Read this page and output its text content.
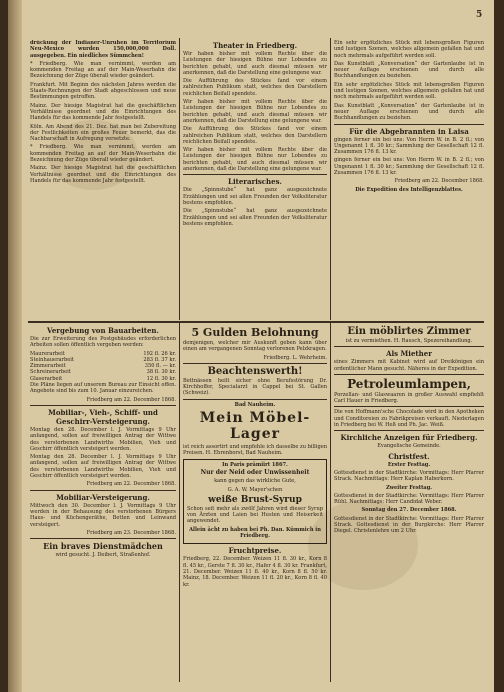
5

drückung der Indianer-Unruhen im Territorium Neu-Mexico wurden 150,000,000 Doll. ausgegeben. Ein niedliches Sümmchen!

* Friedberg. Wie man vernimmt, werden am kommenden Freitag an auf der Main-Weserbahn die Bezeichnung der Züge überall wieder geändert.

Frankfurt. Mit Beginn des nächsten Jahres werden die Staats-Rechnungen der Stadt abgeschlossen und neue Bestimmungen getroffen.

Mainz. Der hiesige Magistrat hat die geschäftlichen Verhältnisse geordnet und die Einrichtungen des Handels für das kommende Jahr festgestellt.

Köln. Am Abend des 21. Dez. hat man bei Zubereitung der Festlichkeiten ein großes Feuer bemerkt, das die Nachbarschaft in Aufregung versetzte.

* Friedberg. Wie man vernimmt, werden am kommenden Freitag an auf der Main-Weserbahn die Bezeichnung der Züge überall wieder geändert.

Mainz. Der hiesige Magistrat hat die geschäftlichen Verhältnisse geordnet und die Einrichtungen des Handels für das kommende Jahr festgestellt.

Theater in Friedberg.

Wir haben bisher mit vollem Rechte über die Leistungen der hiesigen Bühne nur Lobendes zu berichten gehabt, und auch diesmal müssen wir anerkennen, daß die Darstellung eine gelungene war.

Die Aufführung des Stückes fand vor einem zahlreichen Publikum statt, welches den Darstellern reichlichen Beifall spendete.

Wir haben bisher mit vollem Rechte über die Leistungen der hiesigen Bühne nur Lobendes zu berichten gehabt, und auch diesmal müssen wir anerkennen, daß die Darstellung eine gelungene war.

Die Aufführung des Stückes fand vor einem zahlreichen Publikum statt, welches den Darstellern reichlichen Beifall spendete.

Wir haben bisher mit vollem Rechte über die Leistungen der hiesigen Bühne nur Lobendes zu berichten gehabt, und auch diesmal müssen wir anerkennen, daß die Darstellung eine gelungene war.

Literarisches.

Die „Spinnstube“ hat ganz ausgezeichnete Erzählungen und sei allen Freunden der Volksliteratur bestens empfohlen.

Die „Spinnstube“ hat ganz ausgezeichnete Erzählungen und sei allen Freunden der Volksliteratur bestens empfohlen.

Ein sehr ergötzliches Stück mit lebensgroßen Figuren und lustigen Szenen, welches allgemein gefallen hat und noch mehrmals aufgeführt werden soll.

Das Kunstblatt „Konversation“ der Gartenlaube ist in neuer Auflage erschienen und durch alle Buchhandlungen zu beziehen.

Ein sehr ergötzliches Stück mit lebensgroßen Figuren und lustigen Szenen, welches allgemein gefallen hat und noch mehrmals aufgeführt werden soll.

Das Kunstblatt „Konversation“ der Gartenlaube ist in neuer Auflage erschienen und durch alle Buchhandlungen zu beziehen.

Für die Abgebrannten in Laisa

gingen ferner ein bei uns: Von Herrn W. in B. 2 fl.; von Ungenannt 1 fl. 30 kr.; Sammlung der Gesellschaft 12 fl. Zusammen 176 fl. 13 kr.

gingen ferner ein bei uns: Von Herrn W. in B. 2 fl.; von Ungenannt 1 fl. 30 kr.; Sammlung der Gesellschaft 12 fl. Zusammen 176 fl. 13 kr.

Friedberg am 22. December 1868.

Die Expedition des Intelligenzblattes.

Vergebung von Bauarbeiten.

Die zur Erweiterung des Postgebäudes erforderlichen Arbeiten sollen öffentlich vergeben werden:

Maurerarbeit	192 fl. 26 kr.
Steinhauerarbeit	283 fl. 37 kr.
Zimmerarbeit	350 fl. — kr.
Schreinerarbeit	38 fl. 30 kr.
Glaserarbeit	12 fl. 30 kr.

Die Pläne liegen auf unserem Bureau zur Einsicht offen. Angebote sind bis zum 10. Januar einzureichen.

Friedberg am 22. December 1868.

Mobiliar-, Vieh-, Schiff- und Geschirr-Versteigerung.

Montag den 28. December l. J. Vormittags 9 Uhr anfangend, sollen auf freiwilligen Antrag der Wittwe des verstorbenen Landwirths Mobilien, Vieh und Geschirr öffentlich versteigert werden.

Montag den 28. December l. J. Vormittags 9 Uhr anfangend, sollen auf freiwilligen Antrag der Wittwe des verstorbenen Landwirths Mobilien, Vieh und Geschirr öffentlich versteigert werden.

Friedberg am 22. December 1868.

Mobiliar-Versteigerung.

Mittwoch den 30. December l. J. Vormittags 9 Uhr werden in der Behausung des verstorbenen Bürgers Haus- und Küchengeräthe, Betten und Leinwand versteigert.

Friedberg am 23. December 1868.

Ein braves Dienstmädchen

wird gesucht. J. Deibert, Straßenhof.

5 Gulden Belohnung

demjenigen, welcher mir Auskunft geben kann über einen am vergangenen Sonntag verlorenen Pelzkragen.

Friedberg. L. Wehrheim.

Beachtenswerth!

Bettnässen heilt sicher ohne Berufsstörung Dr. Kirchhoffer, Specialarzt in Cappel bei St. Gallen (Schweiz).

Bad Nauheim.

Mein Möbel-Lager

ist reich assortirt und empfehle ich dasselbe zu billigen Preisen. H. Ehrenborst, Bad Nauheim.

In Paris prämiirt 1867.

Nur der Neid oder Unwissenheit

kann gegen das wirkliche Gute,

G. A. W. Mayer'schen

weiße Brust-Syrup

Schon seit mehr als zwölf Jahren wird dieser Syrup von Ärzten und Laien bei Husten und Heiserkeit angewendet.

Allein ächt zu haben bei Ph. Dan. Kümmich in Friedberg.

Fruchtpreise.

Friedberg, 22. December. Weizen 11 fl. 30 kr., Korn 8 fl. 45 kr., Gerste 7 fl. 30 kr., Hafer 4 fl. 30 kr. Frankfurt, 21. December. Weizen 11 fl. 40 kr., Korn 8 fl. 50 kr. Mainz, 18. December. Weizen 11 fl. 20 kr., Korn 8 fl. 40 kr.

Ein möblirtes Zimmer

ist zu vermiethen. H. Rausch, Spezereihandlung.

Als Miether

eines Zimmers mit Kabinet wird auf Dreikönigen ein ordentlicher Mann gesucht. Näheres in der Expedition.

Petroleumlampen,

Porzellan- und Glaswaaren in großer Auswahl empfiehlt Carl Hauer in Friedberg.

Die von Hoffmann'sche Chocolade wird in den Apotheken und Conditoreien zu Fabrikpreisen verkauft. Niederlagen in Friedberg bei W. Heß und Ph. Jac. Weiß.

Kirchliche Anzeigen für Friedberg.

Evangelische Gemeinde.

Christfest.

Erster Festtag.

Gottesdienst in der Stadtkirche: Vormittags: Herr Pfarrer Strack. Nachmittags: Herr Kaplan Haberkorn.

Zweiter Festtag.

Gottesdienst in der Stadtkirche: Vormittags: Herr Pfarrer Rühl. Nachmittags: Herr Candidat Weber.

Sonntag den 27. December 1868.

Gottesdienst in der Stadtkirche: Vormittags: Herr Pfarrer Strack. Gottesdienst in der Burgkirche: Herr Pfarrer Diegel. Christenlehre um 2 Uhr.
